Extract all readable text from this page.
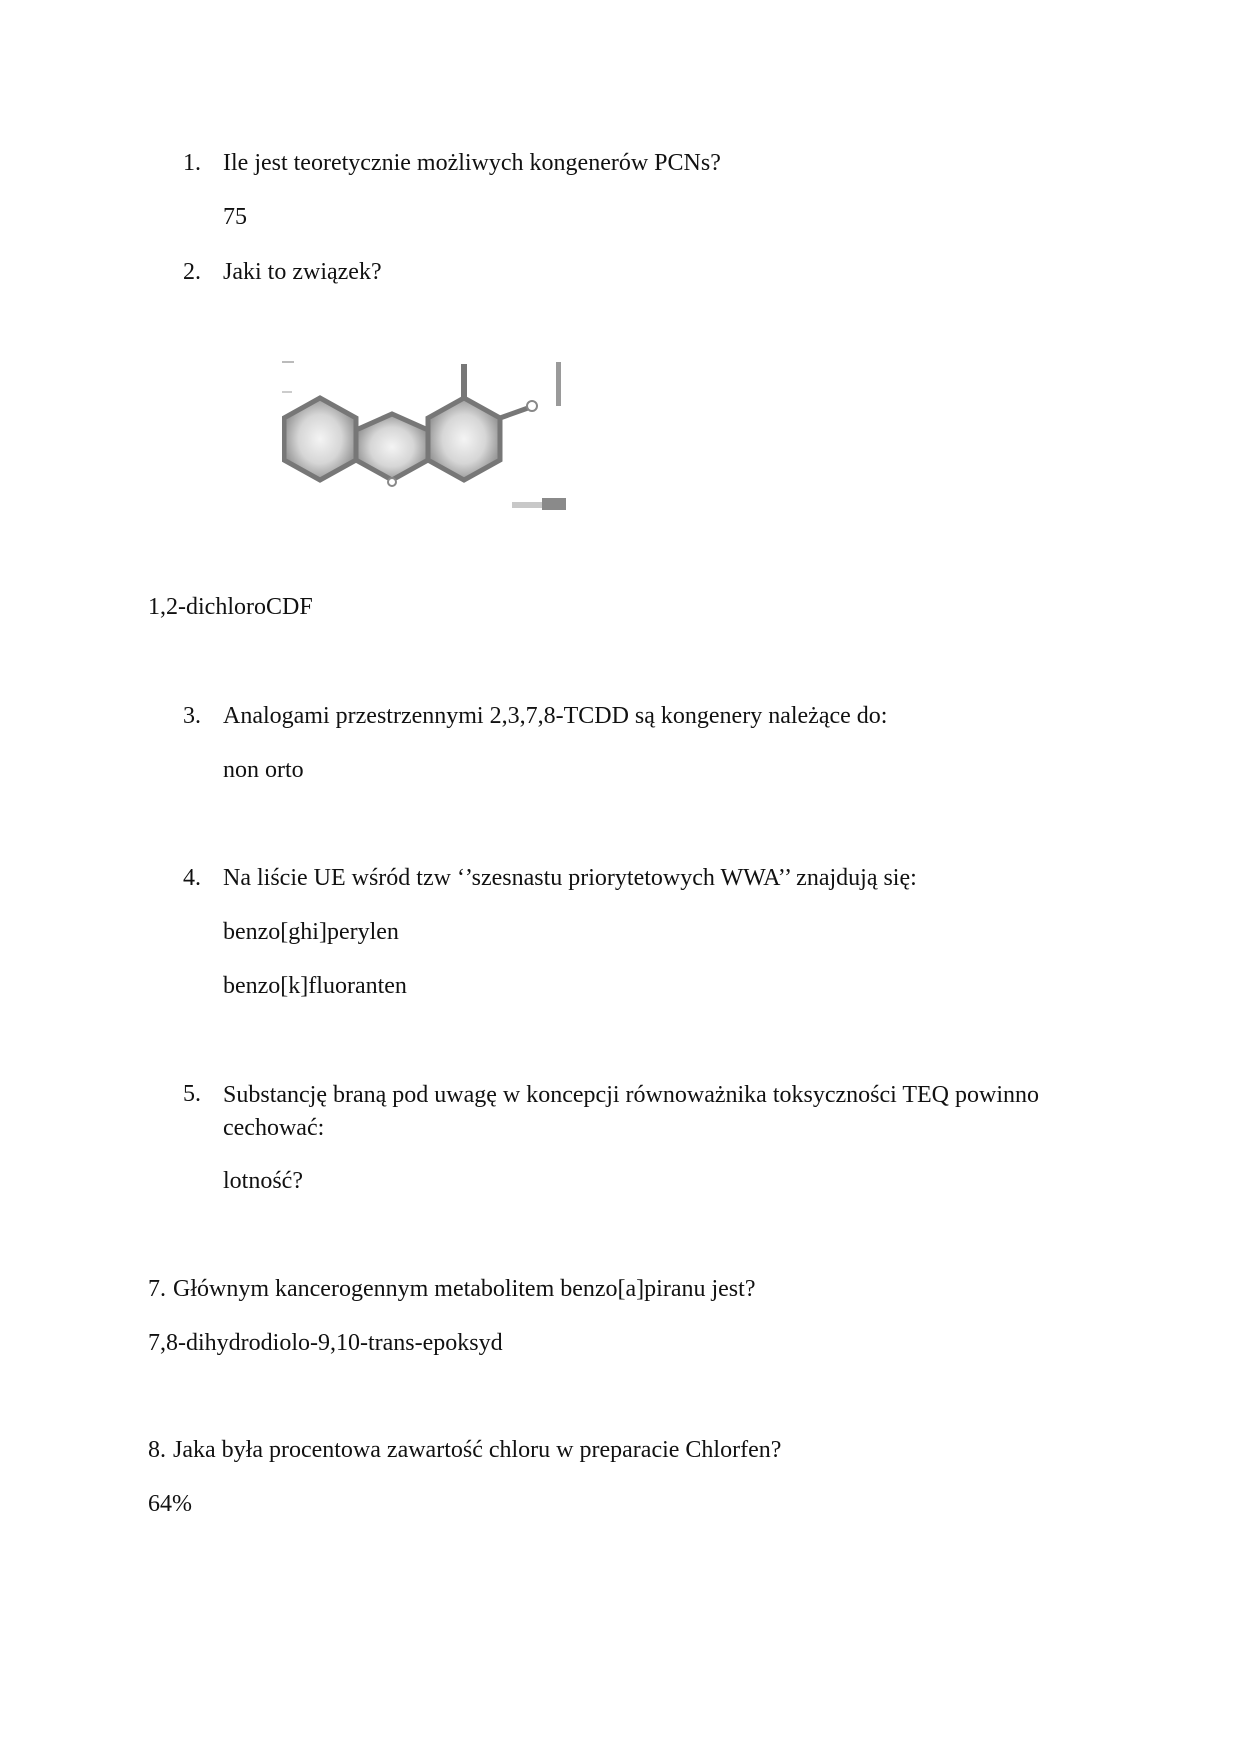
1. Ile jest teoretycznie możliwych kongenerów PCNs?
75
2. Jaki to związek?
1,2-dichloroCDF
3. Analogami przestrzennymi 2,3,7,8-TCDD są kongenery należące do:
non orto
4. Na liście UE wśród tzw ‘’szesnastu priorytetowych WWA’’ znajdują się:
benzo[ghi]perylen
benzo[k]fluoranten
5. Substancję braną pod uwagę w koncepcji równoważnika toksyczności TEQ powinno cechować:
lotność?
7. Głównym kancerogennym metabolitem benzo[a]piranu jest?
7,8-dihydrodiolo-9,10-trans-epoksyd
8. Jaka była procentowa zawartość chloru w preparacie Chlorfen?
64%
